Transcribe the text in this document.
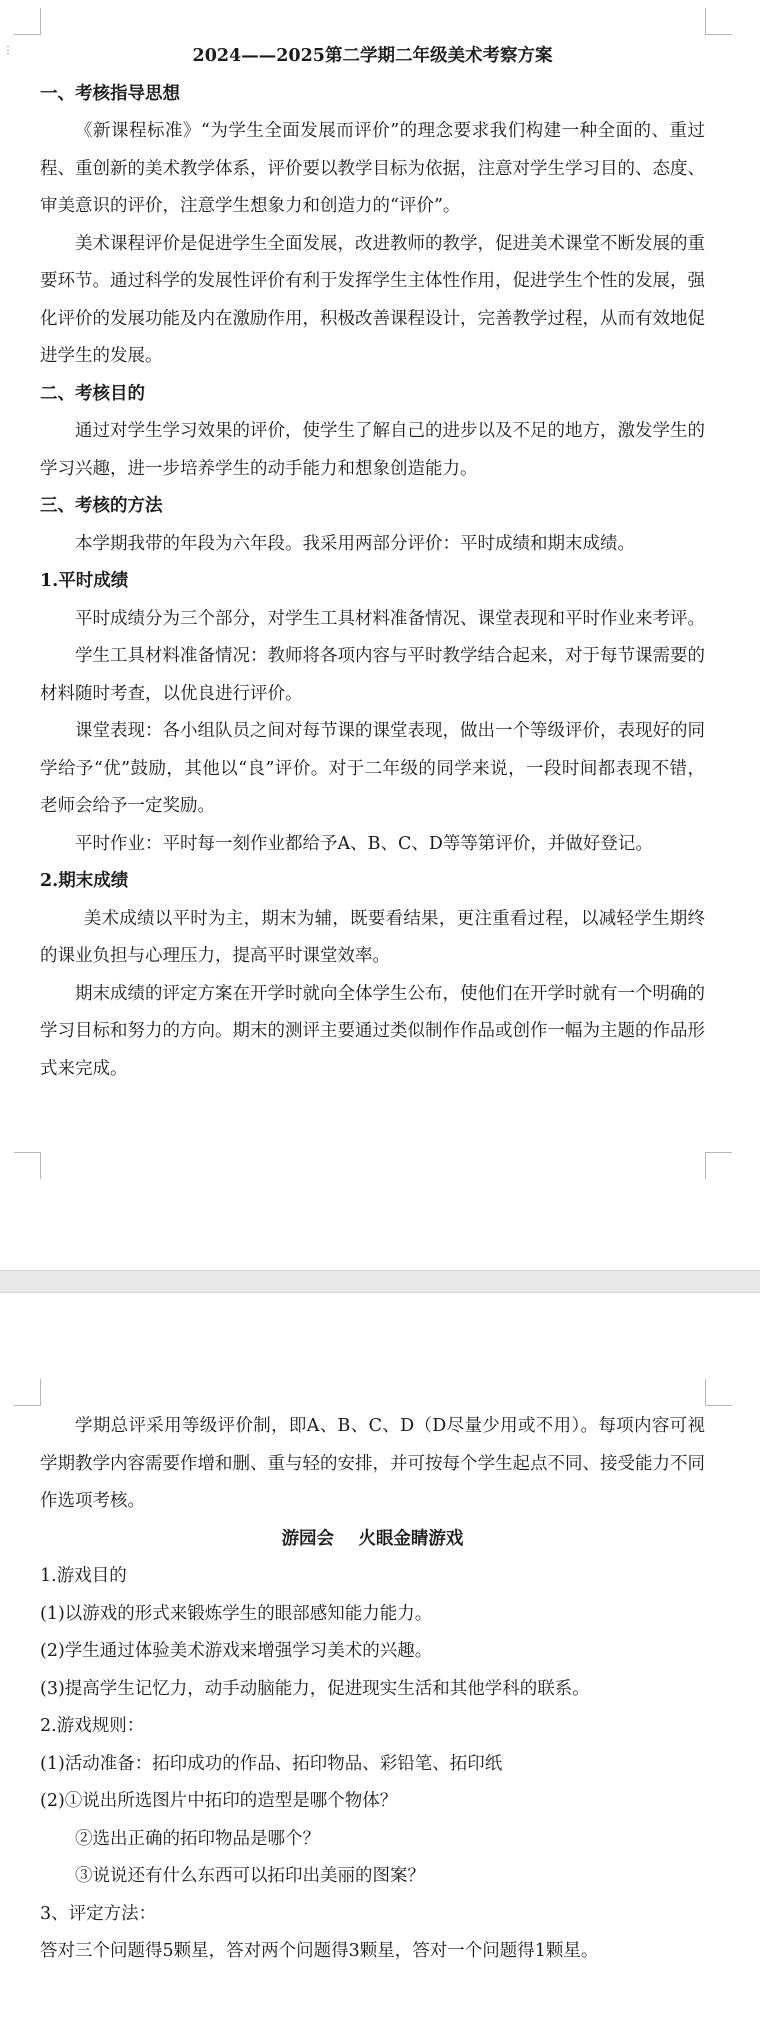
⋮	2024——2025第二学期二年级美术考察方案
一、考核指导思想

《新课程标准》“为学生全面发展而评价”的理念要求我们构建一种全面的、重过程、重创新的美术教学体系，评价要以教学目标为依据，注意对学生学习目的、态度、审美意识的评价，注意学生想象力和创造力的“评价”。

美术课程评价是促进学生全面发展，改进教师的教学，促进美术课堂不断发展的重要环节。通过科学的发展性评价有利于发挥学生主体性作用，促进学生个性的发展，强化评价的发展功能及内在激励作用，积极改善课程设计，完善教学过程，从而有效地促进学生的发展。

二、考核目的

通过对学生学习效果的评价，使学生了解自己的进步以及不足的地方，激发学生的学习兴趣，进一步培养学生的动手能力和想象创造能力。

三、考核的方法

本学期我带的年段为六年段。我采用两部分评价：平时成绩和期末成绩。

1.平时成绩

平时成绩分为三个部分，对学生工具材料准备情况、课堂表现和平时作业来考评。

学生工具材料准备情况：教师将各项内容与平时教学结合起来，对于每节课需要的材料随时考查，以优良进行评价。

课堂表现：各小组队员之间对每节课的课堂表现，做出一个等级评价，表现好的同学给予“优”鼓励，其他以“良”评价。对于二年级的同学来说，一段时间都表现不错，老师会给予一定奖励。

平时作业：平时每一刻作业都给予A、B、C、D等等第评价，并做好登记。

2.期末成绩

美术成绩以平时为主，期末为辅，既要看结果，更注重看过程，以减轻学生期终的课业负担与心理压力，提高平时课堂效率。

期末成绩的评定方案在开学时就向全体学生公布，使他们在开学时就有一个明确的学习目标和努力的方向。期末的测评主要通过类似制作作品或创作一幅为主题的作品形式来完成。

学期总评采用等级评价制，即A、B、C、D（D尽量少用或不用）。每项内容可视学期教学内容需要作增和删、重与轻的安排，并可按每个学生起点不同、接受能力不同作选项考核。

游园会    火眼金睛游戏

1.游戏目的

(1)以游戏的形式来锻炼学生的眼部感知能力能力。

(2)学生通过体验美术游戏来增强学习美术的兴趣。

(3)提高学生记忆力，动手动脑能力，促进现实生活和其他学科的联系。

2.游戏规则：

(1)活动准备：拓印成功的作品、拓印物品、彩铅笔、拓印纸

(2)①说出所选图片中拓印的造型是哪个物体？

②选出正确的拓印物品是哪个？

③说说还有什么东西可以拓印出美丽的图案？

3、评定方法：

答对三个问题得5颗星，答对两个问题得3颗星，答对一个问题得1颗星。
